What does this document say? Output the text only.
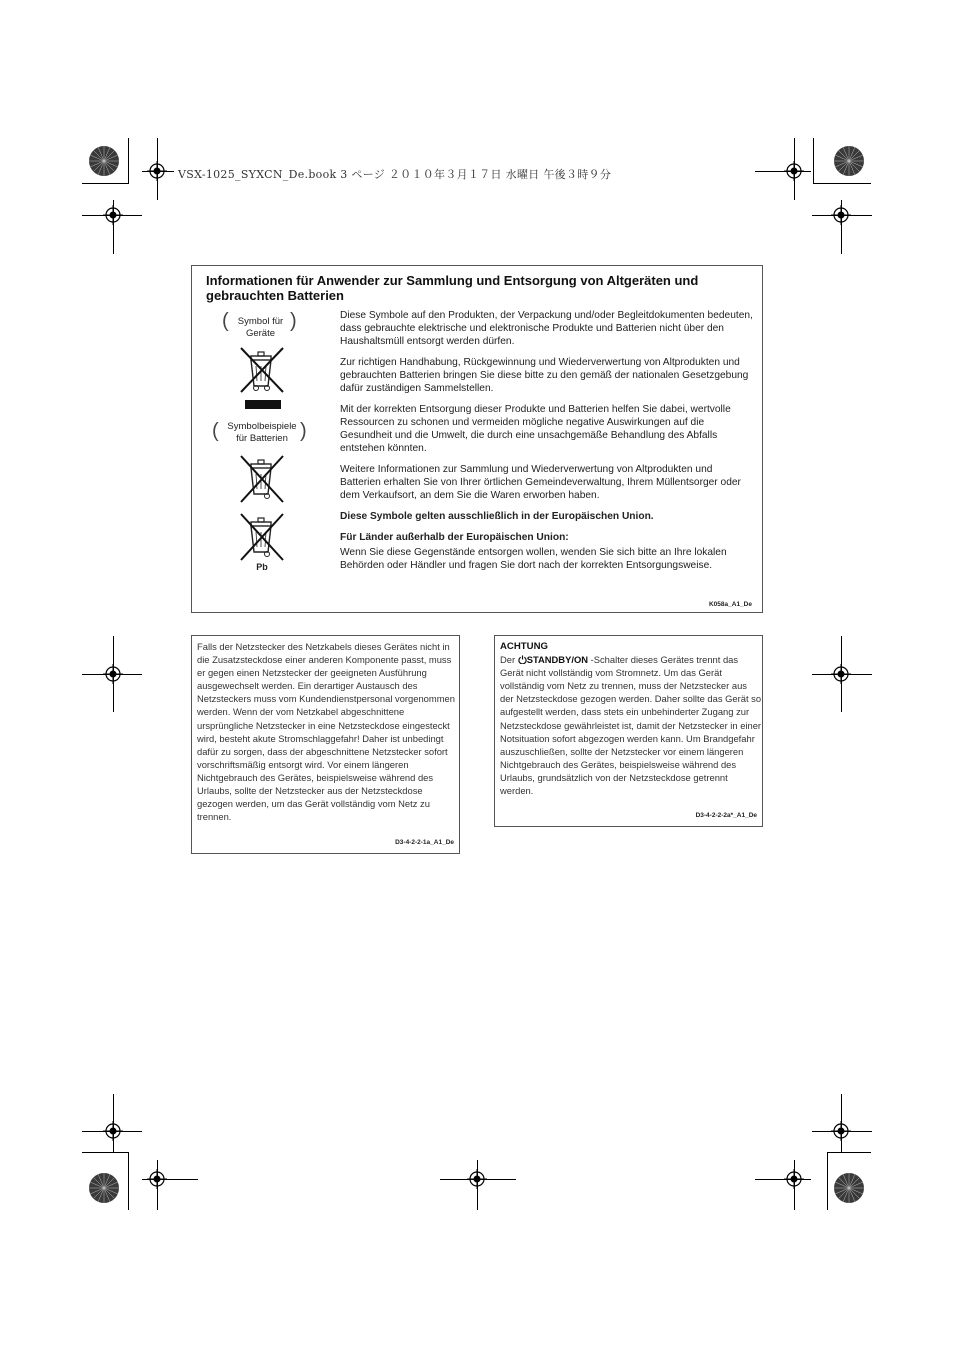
VSX-1025_SYXCN_De.book 3 ページ ２０１０年３月１７日 水曜日 午後３時９分
Informationen für Anwender zur Sammlung und Entsorgung von Altgeräten und gebrauchten Batterien
( Symbol für
Geräte
)
( Symbolbeispiele
für Batterien )
Pb

Diese Symbole auf den Produkten, der Verpackung und/oder Begleitdokumenten bedeuten, dass gebrauchte elektrische und elektronische Produkte und Batterien nicht über den Haushaltsmüll entsorgt werden dürfen.

Zur richtigen Handhabung, Rückgewinnung und Wiederverwertung von Altprodukten und gebrauchten Batterien bringen Sie diese bitte zu den gemäß der nationalen Gesetzgebung dafür zuständigen Sammelstellen.

Mit der korrekten Entsorgung dieser Produkte und Batterien helfen Sie dabei, wertvolle Ressourcen zu schonen und vermeiden mögliche negative Auswirkungen auf die Gesundheit und die Umwelt, die durch eine unsachgemäße Behandlung des Abfalls entstehen könnten.

Weitere Informationen zur Sammlung und Wiederverwertung von Altprodukten und Batterien erhalten Sie von Ihrer örtlichen Gemeindeverwaltung, Ihrem Müllentsorger oder dem Verkaufsort, an dem Sie die Waren erworben haben.

Diese Symbole gelten ausschließlich in der Europäischen Union.

Für Länder außerhalb der Europäischen Union:

Wenn Sie diese Gegenstände entsorgen wollen, wenden Sie sich bitte an Ihre lokalen Behörden oder Händler und fragen Sie dort nach der korrekten Entsorgungsweise.

K058a_A1_De
Falls der Netzstecker des Netzkabels dieses Gerätes nicht in die Zusatzsteckdose einer anderen Komponente passt, muss er gegen einen Netzstecker der geeigneten Ausführung ausgewechselt werden. Ein derartiger Austausch des Netzsteckers muss vom Kundendienstpersonal vorgenommen werden. Wenn der vom Netzkabel abgeschnittene ursprüngliche Netzstecker in eine Netzsteckdose eingesteckt wird, besteht akute Stromschlaggefahr! Daher ist unbedingt dafür zu sorgen, dass der abgeschnittene Netzstecker sofort vorschriftsmäßig entsorgt wird. Vor einem längeren Nichtgebrauch des Gerätes, beispielsweise während des Urlaubs, sollte der Netzstecker aus der Netzsteckdose gezogen werden, um das Gerät vollständig vom Netz zu trennen.
D3-4-2-2-1a_A1_De
ACHTUNG
Der STANDBY/ON -Schalter dieses Gerätes trennt das Gerät nicht vollständig vom Stromnetz. Um das Gerät vollständig vom Netz zu trennen, muss der Netzstecker aus der Netzsteckdose gezogen werden. Daher sollte das Gerät so aufgestellt werden, dass stets ein unbehinderter Zugang zur Netzsteckdose gewährleistet ist, damit der Netzstecker in einer Notsituation sofort abgezogen werden kann. Um Brandgefahr auszuschließen, sollte der Netzstecker vor einem längeren Nichtgebrauch des Gerätes, beispielsweise während des Urlaubs, grundsätzlich von der Netzsteckdose getrennt werden.
D3-4-2-2-2a*_A1_De
